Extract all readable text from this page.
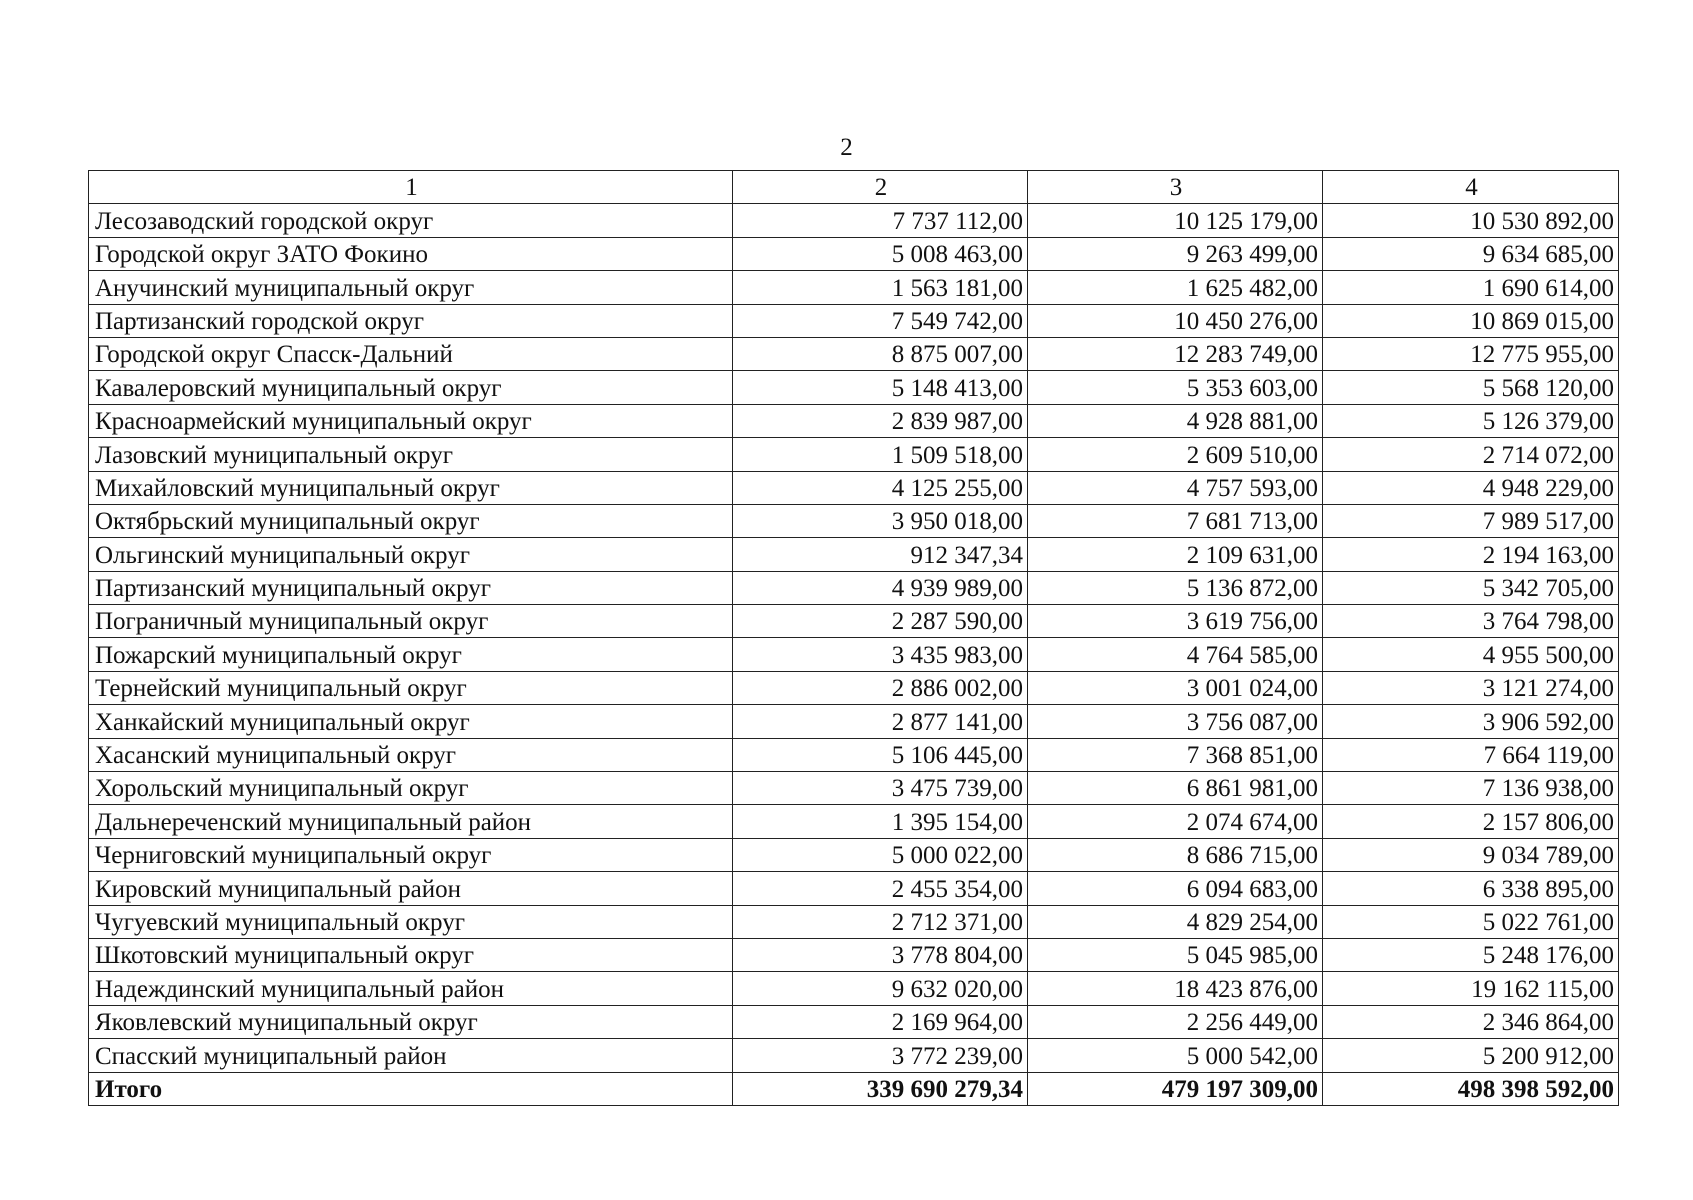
2
1	2	3	4
Лесозаводский городской округ	7 737 112,00	10 125 179,00	10 530 892,00
Городской округ ЗАТО Фокино	5 008 463,00	9 263 499,00	9 634 685,00
Анучинский муниципальный округ	1 563 181,00	1 625 482,00	1 690 614,00
Партизанский городской округ	7 549 742,00	10 450 276,00	10 869 015,00
Городской округ Спасск-Дальний	8 875 007,00	12 283 749,00	12 775 955,00
Кавалеровский муниципальный округ	5 148 413,00	5 353 603,00	5 568 120,00
Красноармейский муниципальный округ	2 839 987,00	4 928 881,00	5 126 379,00
Лазовский муниципальный округ	1 509 518,00	2 609 510,00	2 714 072,00
Михайловский муниципальный округ	4 125 255,00	4 757 593,00	4 948 229,00
Октябрьский муниципальный округ	3 950 018,00	7 681 713,00	7 989 517,00
Ольгинский муниципальный округ	912 347,34	2 109 631,00	2 194 163,00
Партизанский муниципальный округ	4 939 989,00	5 136 872,00	5 342 705,00
Пограничный муниципальный округ	2 287 590,00	3 619 756,00	3 764 798,00
Пожарский муниципальный округ	3 435 983,00	4 764 585,00	4 955 500,00
Тернейский муниципальный округ	2 886 002,00	3 001 024,00	3 121 274,00
Ханкайский муниципальный округ	2 877 141,00	3 756 087,00	3 906 592,00
Хасанский муниципальный округ	5 106 445,00	7 368 851,00	7 664 119,00
Хорольский муниципальный округ	3 475 739,00	6 861 981,00	7 136 938,00
Дальнереченский муниципальный район	1 395 154,00	2 074 674,00	2 157 806,00
Черниговский муниципальный округ	5 000 022,00	8 686 715,00	9 034 789,00
Кировский муниципальный район	2 455 354,00	6 094 683,00	6 338 895,00
Чугуевский муниципальный округ	2 712 371,00	4 829 254,00	5 022 761,00
Шкотовский муниципальный округ	3 778 804,00	5 045 985,00	5 248 176,00
Надеждинский муниципальный район	9 632 020,00	18 423 876,00	19 162 115,00
Яковлевский муниципальный округ	2 169 964,00	2 256 449,00	2 346 864,00
Спасский муниципальный район	3 772 239,00	5 000 542,00	5 200 912,00
Итого	339 690 279,34	479 197 309,00	498 398 592,00
